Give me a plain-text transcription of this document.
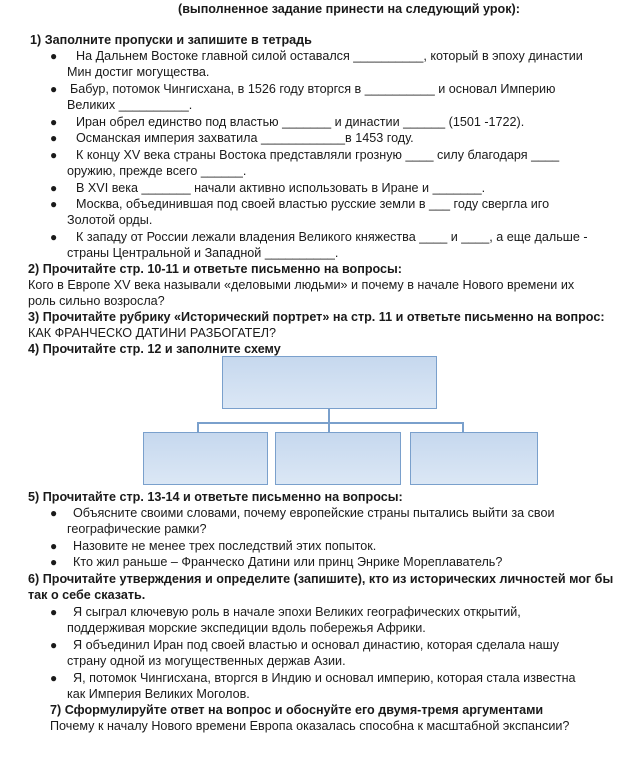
(выполненное задание принести на следующий урок):
1) Заполните пропуски и запишите в тетрадь
● На Дальнем Востоке главной силой оставался __________, который в эпоху династии
Мин достиг могущества.
● Бабур, потомок Чингисхана, в 1526 году вторгся в __________ и основал Империю
Великих __________.
● Иран обрел единство под властью _______ и династии ______ (1501 -1722).
● Османская империя захватила ____________в 1453 году.
● К концу XV века страны Востока представляли грозную ____ силу благодаря ____
оружию, прежде всего ______.
● В XVI века _______ начали активно использовать в Иране и _______.
● Москва, объединившая под своей властью русские земли в ___ году свергла иго
Золотой орды.
● К западу от России лежали владения Великого княжества ____ и ____, а еще дальше -
страны Центральной и Западной __________.
2) Прочитайте стр. 10-11 и ответьте письменно на вопросы:
Кого в Европе XV века называли «деловыми людьми» и почему в начале Нового времени их
роль сильно возросла?
3) Прочитайте рубрику «Исторический портрет» на стр. 11 и ответьте письменно на вопрос:
КАК ФРАНЧЕСКО ДАТИНИ РАЗБОГАТЕЛ?
4) Прочитайте стр. 12 и заполните схему
5) Прочитайте стр. 13-14 и ответьте письменно на вопросы:
● Объясните своими словами, почему европейские страны пытались выйти за свои
географические рамки?
● Назовите не менее трех последствий этих попыток.
● Кто жил раньше – Франческо Датини или принц Энрике Мореплаватель?
6) Прочитайте утверждения и определите (запишите), кто из исторических личностей мог бы
так о себе сказать.
● Я сыграл ключевую роль в начале эпохи Великих географических открытий,
поддерживая морские экспедиции вдоль побережья Африки.
● Я объединил Иран под своей властью и основал династию, которая сделала нашу
страну одной из могущественных держав Азии.
● Я, потомок Чингисхана, вторгся в Индию и основал империю, которая стала известна
как Империя Великих Моголов.
7) Сформулируйте ответ на вопрос и обоснуйте его двумя-тремя аргументами
Почему к началу Нового времени Европа оказалась способна к масштабной экспансии?
